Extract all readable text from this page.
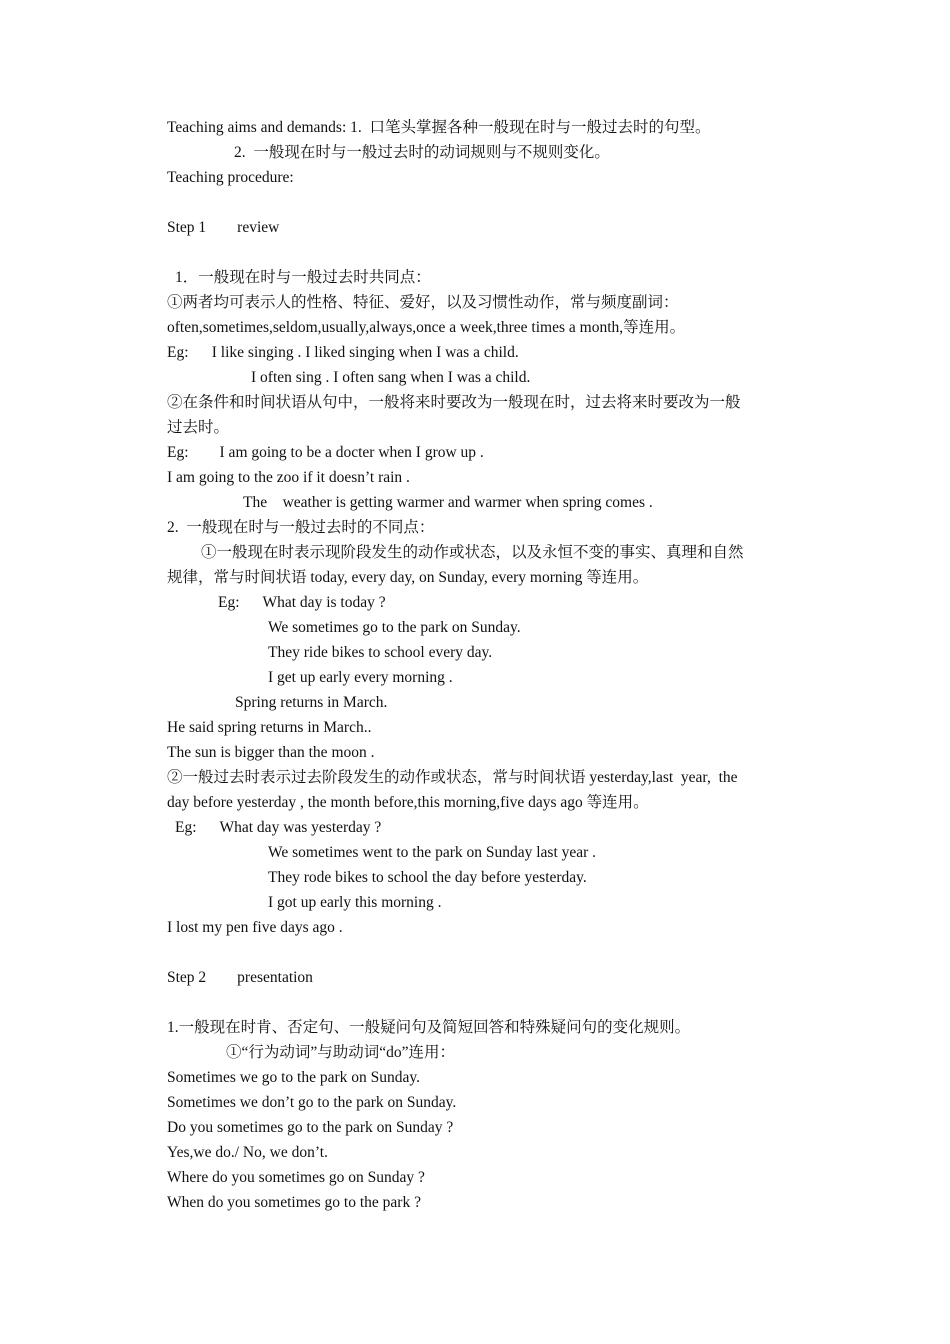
Teaching aims and demands: 1.  口笔头掌握各种一般现在时与一般过去时的句型。
2.  一般现在时与一般过去时的动词规则与不规则变化。
Teaching procedure:
Step 1        review
1．一般现在时与一般过去时共同点：
①两者均可表示人的性格、特征、爱好，以及习惯性动作，常与频度副词：
often,sometimes,seldom,usually,always,once a week,three times a month,等连用。
Eg:      I like singing . I liked singing when I was a child.
I often sing . I often sang when I was a child.
②在条件和时间状语从句中，一般将来时要改为一般现在时，过去将来时要改为一般
过去时。
Eg:        I am going to be a docter when I grow up .
I am going to the zoo if it doesn’t rain .
The    weather is getting warmer and warmer when spring comes .
2.  一般现在时与一般过去时的不同点：
①一般现在时表示现阶段发生的动作或状态，以及永恒不变的事实、真理和自然
规律，常与时间状语 today, every day, on Sunday, every morning 等连用。
Eg:      What day is today ?
We sometimes go to the park on Sunday.
They ride bikes to school every day.
I get up early every morning .
Spring returns in March.
He said spring returns in March..
The sun is bigger than the moon .
②一般过去时表示过去阶段发生的动作或状态，常与时间状语 yesterday,last  year,  the
day before yesterday , the month before,this morning,five days ago 等连用。
Eg:      What day was yesterday ?
We sometimes went to the park on Sunday last year .
They rode bikes to school the day before yesterday.
I got up early this morning .
I lost my pen five days ago .
Step 2        presentation
1.一般现在时肯、否定句、一般疑问句及简短回答和特殊疑问句的变化规则。
①“行为动词”与助动词“do”连用：
Sometimes we go to the park on Sunday.
Sometimes we don’t go to the park on Sunday.
Do you sometimes go to the park on Sunday ?
Yes,we do./ No, we don’t.
Where do you sometimes go on Sunday ?
When do you sometimes go to the park ?
